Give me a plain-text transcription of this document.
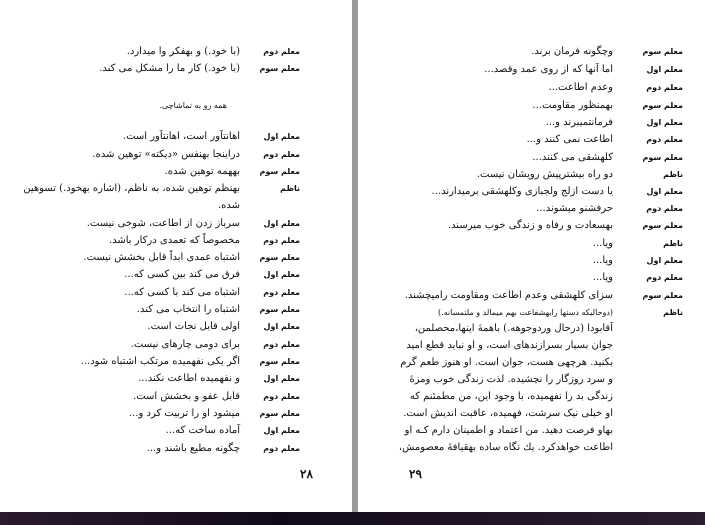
معلم دوم
(با خود.) و بهفکر وا میدارد.
معلم سوم
(با خود.) کار ما را مشکل می کند.
همه رو به تماشاچی.
معلم اول
اهانتآور است، اهانتآور است.
معلم دوم
دراینجا بهنفس «دیکته» توهین شده.
معلم سوم
بههمه توهین شده.
ناظم
بهنظم توهین شده، به ناظم، (اشاره بهخود.) تسوهین
شده.
معلم اول
سرباز زدن از اطاعت، شوخی نیست.
معلم دوم
مخصوصاً که تعمدی درکار باشد.
معلم سوم
اشتباه عمدی ابداً قابل بخشش نیست.
معلم اول
فرق می کند بین کسی که...
معلم دوم
اشتباه می کند با کسی که...
معلم سوم
اشتباه را انتخاب می کند.
معلم اول
اولی قابل نجات است.
معلم دوم
برای دومی چارهای نیست.
معلم سوم
اگر یکی نفهمیده مرتکب اشتباه شود...
معلم اول
و نفهمیده اطاعت نکند...
معلم دوم
قابل عفو و بخشش است.
معلم سوم
میشود او را تربیت کرد و...
معلم اول
آماده ساخت که...
معلم دوم
چگونه مطیع باشند و...
معلم سوم
وچگونه فرمان برند.
معلم اول
اما آنها که از روی عمد وقصد...
معلم دوم
وعدم اطاعت...
معلم سوم
بهمنظور مقاومت...
معلم اول
فرمانتمیبرند و...
معلم دوم
اطاعت نمی کنند و...
معلم سوم
کلهشقی می کنند...
ناظم
دو راه بیشترپیش رویشان نیست.
معلم اول
یا دست ازلج ولجبازی وکلهشقی برمیدارند...
معلم دوم
حرفشنو میشوند...
معلم سوم
بهسعادت و رفاه و زندگی خوب میرسند.
ناظم
ویا...
معلم اول
ویا...
معلم دوم
ویا...
معلم سوم
سزای کلهشقی وعدم اطاعت ومقاومت رامیچشند.
ناظم
(دوحالیکه دستها رابهشفاعت بهم میمالد و ملتمسانه.)
آقابودا (درحال وردوجوهه.) باهمهٔ اینها،محصلمن،
جوان بسیار بسرازندهای است، و او نباید قطع امید
بکنید. هرچهی هست، جوان است. او هنوز طعم گرم
و سرد روزگار را نچشیده. لذت زندگی خوب ومزهٔ
زندگی بد را نفهمیده، با وجود این، من مطمئنم که
او خیلی نیک سرشت، فهمیده، عاقبت اندیش است.
بهاو فرصت دهید. من اعتماد و اطمینان دارم کـه او
اطاعت خواهدکرد. یك نگاه ساده بهقیافهٔ معصومش،
۲۸	۲۹
